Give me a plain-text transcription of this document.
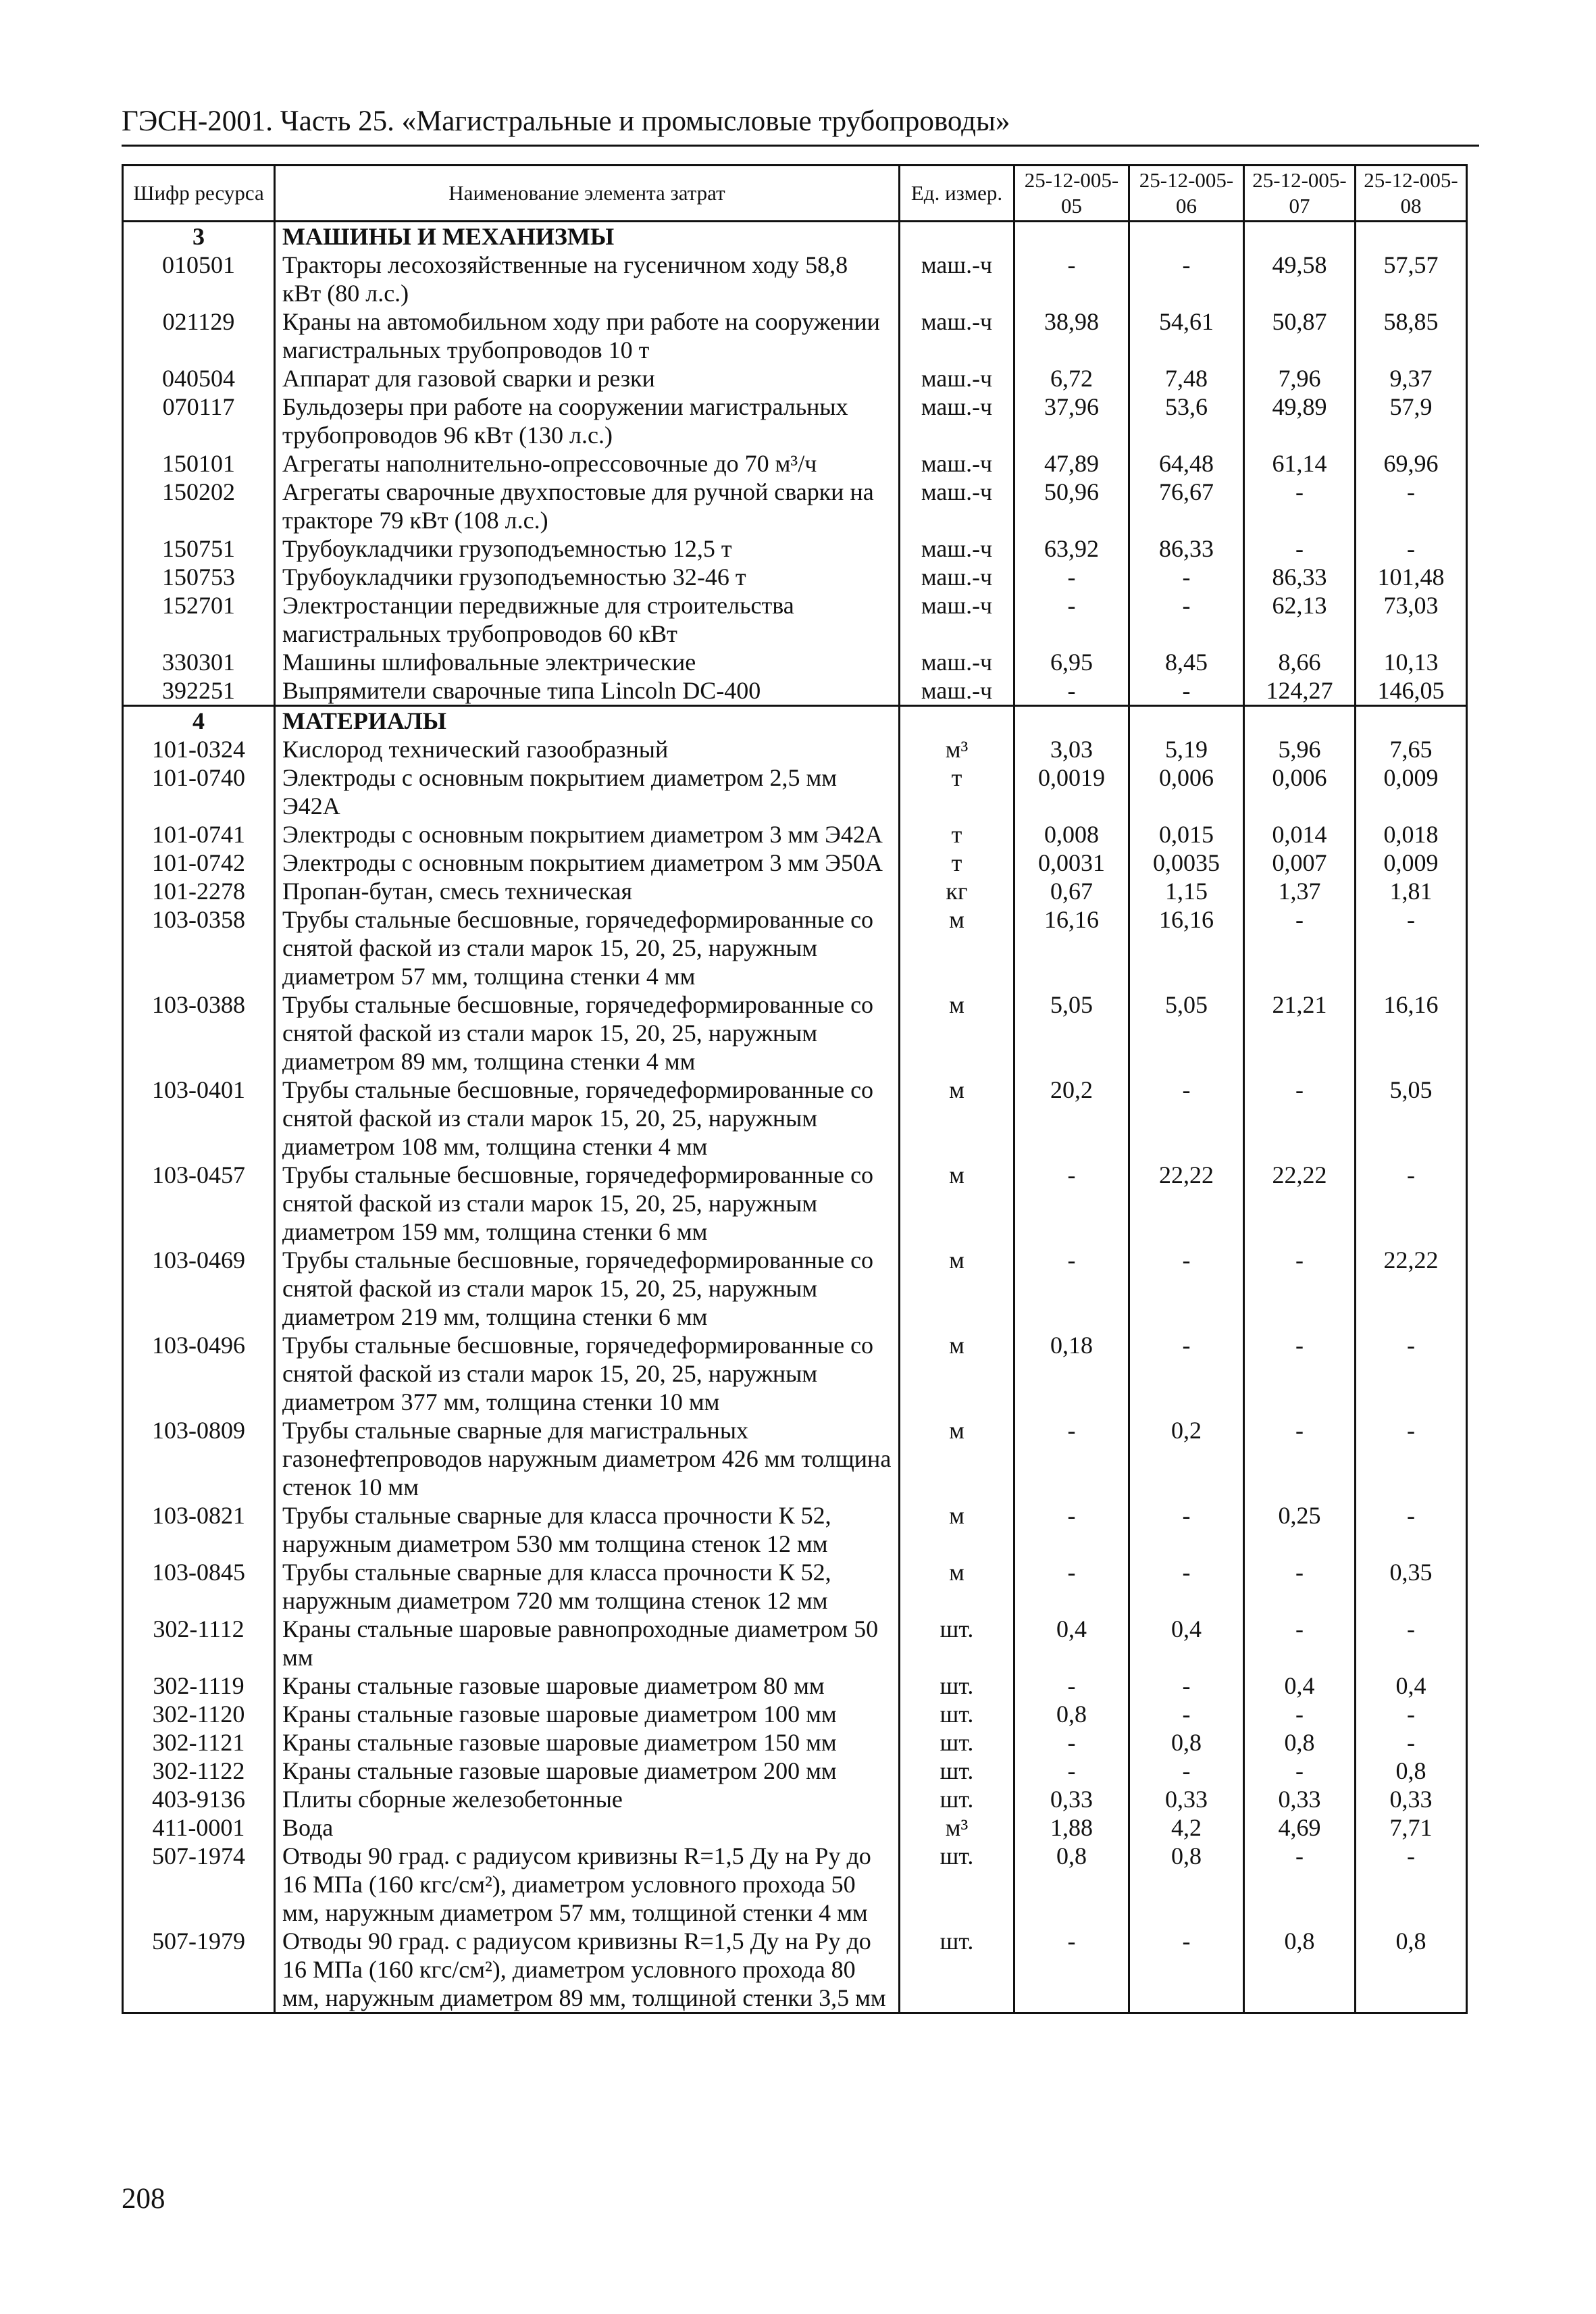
ГЭСН-2001. Часть 25. «Магистральные и промысловые трубопроводы»
Шифр ресурса	Наименование элемента затрат	Ед. измер.	25-12-005-05	25-12-005-06	25-12-005-07	25-12-005-08
3	МАШИНЫ И МЕХАНИЗМЫ					
010501	Тракторы лесохозяйственные на гусеничном ходу 58,8 кВт (80 л.с.)	маш.-ч	-	-	49,58	57,57
021129	Краны на автомобильном ходу при работе на сооружении магистральных трубопроводов 10 т	маш.-ч	38,98	54,61	50,87	58,85
040504	Аппарат для газовой сварки и резки	маш.-ч	6,72	7,48	7,96	9,37
070117	Бульдозеры при работе на сооружении магистральных трубопроводов 96 кВт (130 л.с.)	маш.-ч	37,96	53,6	49,89	57,9
150101	Агрегаты наполнительно-опрессовочные до 70 м³/ч	маш.-ч	47,89	64,48	61,14	69,96
150202	Агрегаты сварочные двухпостовые для ручной сварки на тракторе 79 кВт (108 л.с.)	маш.-ч	50,96	76,67	-	-
150751	Трубоукладчики грузоподъемностью 12,5 т	маш.-ч	63,92	86,33	-	-
150753	Трубоукладчики грузоподъемностью 32-46 т	маш.-ч	-	-	86,33	101,48
152701	Электростанции передвижные для строительства магистральных трубопроводов 60 кВт	маш.-ч	-	-	62,13	73,03
330301	Машины шлифовальные электрические	маш.-ч	6,95	8,45	8,66	10,13
392251	Выпрямители сварочные типа Lincoln DC-400	маш.-ч	-	-	124,27	146,05
4	МАТЕРИАЛЫ					
101-0324	Кислород технический газообразный	м³	3,03	5,19	5,96	7,65
101-0740	Электроды с основным покрытием диаметром 2,5 мм Э42А	т	0,0019	0,006	0,006	0,009
101-0741	Электроды с основным покрытием диаметром 3 мм Э42А	т	0,008	0,015	0,014	0,018
101-0742	Электроды с основным покрытием диаметром 3 мм Э50А	т	0,0031	0,0035	0,007	0,009
101-2278	Пропан-бутан, смесь техническая	кг	0,67	1,15	1,37	1,81
103-0358	Трубы стальные бесшовные, горячедеформированные со снятой фаской из стали марок 15, 20, 25, наружным диаметром 57 мм, толщина стенки 4 мм	м	16,16	16,16	-	-
103-0388	Трубы стальные бесшовные, горячедеформированные со снятой фаской из стали марок 15, 20, 25, наружным диаметром 89 мм, толщина стенки 4 мм	м	5,05	5,05	21,21	16,16
103-0401	Трубы стальные бесшовные, горячедеформированные со снятой фаской из стали марок 15, 20, 25, наружным диаметром 108 мм, толщина стенки 4 мм	м	20,2	-	-	5,05
103-0457	Трубы стальные бесшовные, горячедеформированные со снятой фаской из стали марок 15, 20, 25, наружным диаметром 159 мм, толщина стенки 6 мм	м	-	22,22	22,22	-
103-0469	Трубы стальные бесшовные, горячедеформированные со снятой фаской из стали марок 15, 20, 25, наружным диаметром 219 мм, толщина стенки 6 мм	м	-	-	-	22,22
103-0496	Трубы стальные бесшовные, горячедеформированные со снятой фаской из стали марок 15, 20, 25, наружным диаметром 377 мм, толщина стенки 10 мм	м	0,18	-	-	-
103-0809	Трубы стальные сварные для магистральных газонефтепроводов наружным диаметром 426 мм толщина стенок 10 мм	м	-	0,2	-	-
103-0821	Трубы стальные сварные для класса прочности К 52, наружным диаметром 530 мм толщина стенок 12 мм	м	-	-	0,25	-
103-0845	Трубы стальные сварные для класса прочности К 52, наружным диаметром 720 мм толщина стенок 12 мм	м	-	-	-	0,35
302-1112	Краны стальные шаровые равнопроходные диаметром 50 мм	шт.	0,4	0,4	-	-
302-1119	Краны стальные газовые шаровые диаметром 80 мм	шт.	-	-	0,4	0,4
302-1120	Краны стальные газовые шаровые диаметром 100 мм	шт.	0,8	-	-	-
302-1121	Краны стальные газовые шаровые диаметром 150 мм	шт.	-	0,8	0,8	-
302-1122	Краны стальные газовые шаровые диаметром 200 мм	шт.	-	-	-	0,8
403-9136	Плиты сборные железобетонные	шт.	0,33	0,33	0,33	0,33
411-0001	Вода	м³	1,88	4,2	4,69	7,71
507-1974	Отводы 90 град. с радиусом кривизны R=1,5 Ду на Ру до 16 МПа (160 кгс/см²), диаметром условного прохода 50 мм, наружным диаметром 57 мм, толщиной стенки 4 мм	шт.	0,8	0,8	-	-
507-1979	Отводы 90 град. с радиусом кривизны R=1,5 Ду на Ру до 16 МПа (160 кгс/см²), диаметром условного прохода 80 мм, наружным диаметром 89 мм, толщиной стенки 3,5 мм	шт.	-	-	0,8	0,8
208
